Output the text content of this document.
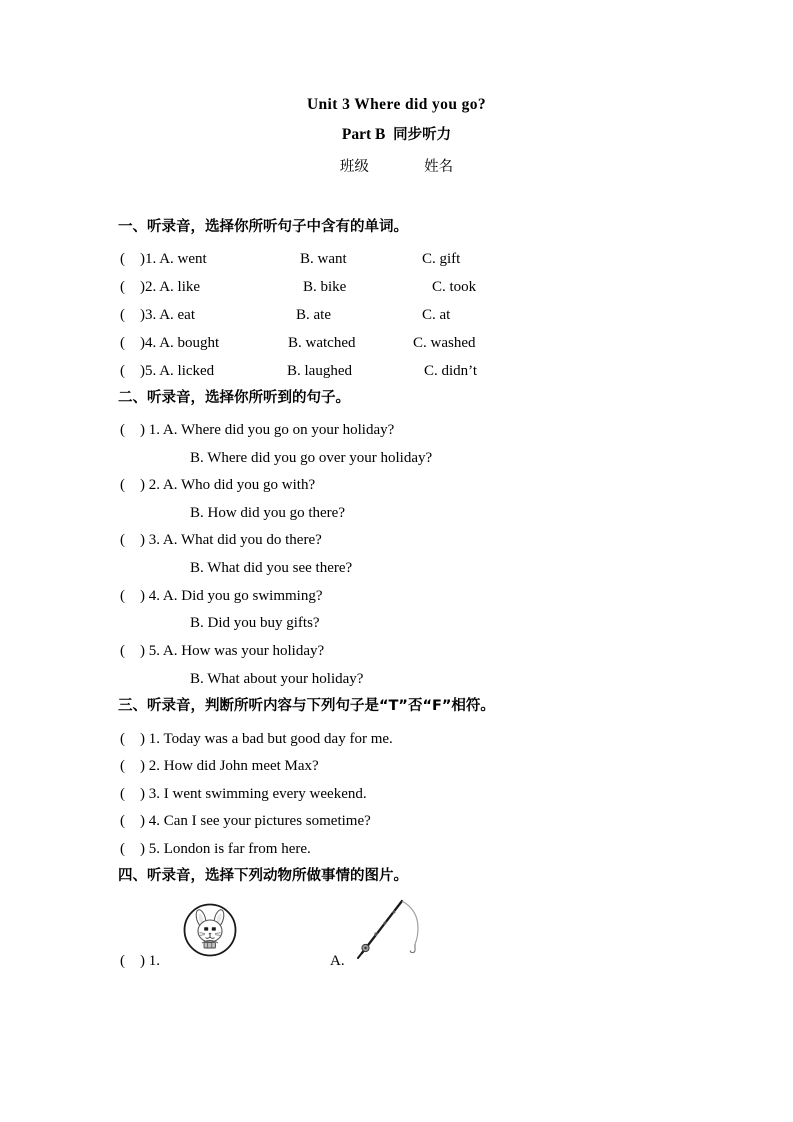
Unit 3 Where did you go?
Part B 同步听力
班级	姓名
一、听录音，选择你所听句子中含有的单词。
(    )1. A. went	B. want	C. gift
(    )2. A. like	B. bike	C. took
(    )3. A. eat	B. ate	C. at
(    )4. A. bought	B. watched	C. washed
(    )5. A. licked	B. laughed	C. didn’t
二、听录音，选择你所听到的句子。
(    ) 1. A. Where did you go on your holiday?
B. Where did you go over your holiday?
(    ) 2. A. Who did you go with?
B. How did you go there?
(    ) 3. A. What did you do there?
B. What did you see there?
(    ) 4. A. Did you go swimming?
B. Did you buy gifts?
(    ) 5. A. How was your holiday?
B. What about your holiday?
三、听录音，判断所听内容与下列句子是“T”否“F”相符。
(    ) 1. Today was a bad but good day for me.
(    ) 2. How did John meet Max?
(    ) 3. I went swimming every weekend.
(    ) 4. Can I see your pictures sometime?
(    ) 5. London is far from here.
四、听录音，选择下列动物所做事情的图片。
(    ) 1.	A.
